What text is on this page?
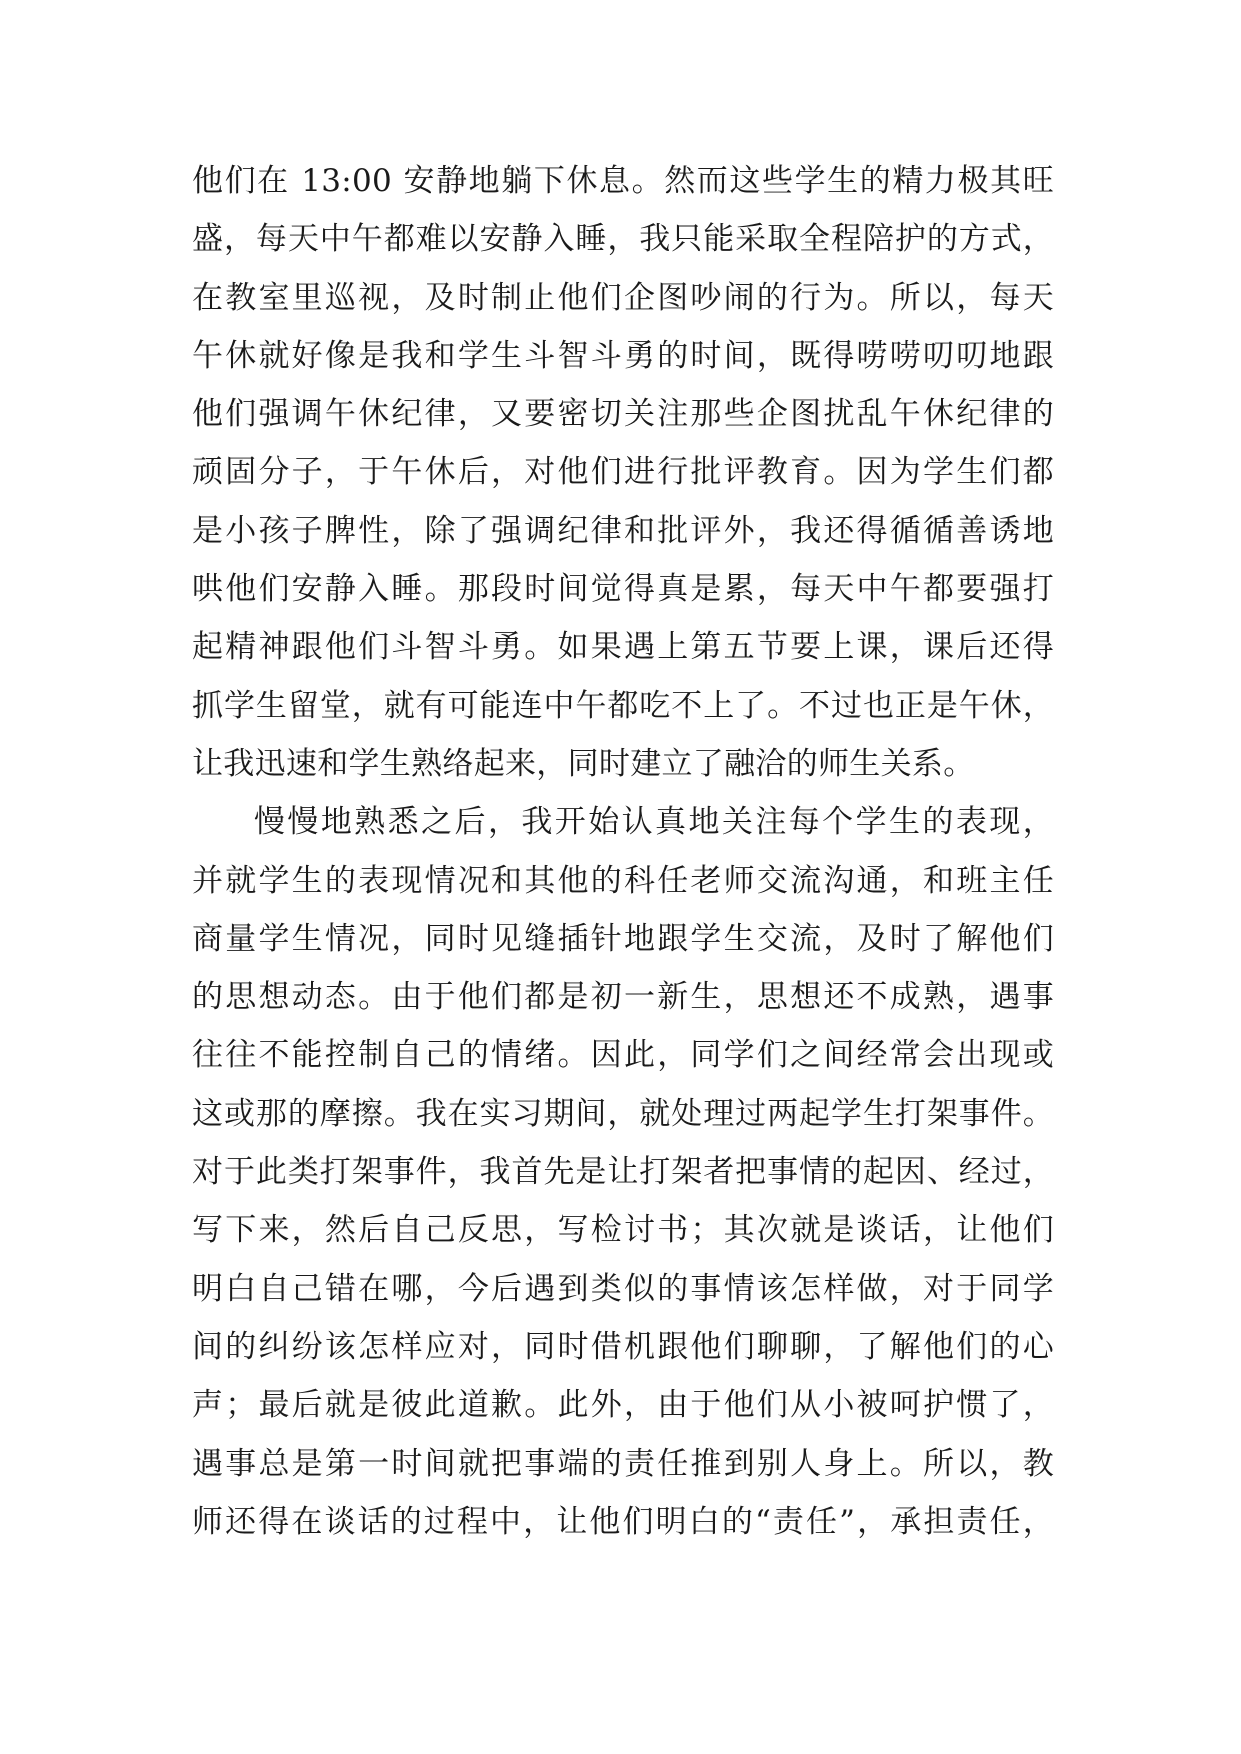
他们在 13:00 安静地躺下休息。然而这些学生的精力极其旺
盛，每天中午都难以安静入睡，我只能采取全程陪护的方式，
在教室里巡视，及时制止他们企图吵闹的行为。所以，每天
午休就好像是我和学生斗智斗勇的时间，既得唠唠叨叨地跟
他们强调午休纪律，又要密切关注那些企图扰乱午休纪律的
顽固分子，于午休后，对他们进行批评教育。因为学生们都
是小孩子脾性，除了强调纪律和批评外，我还得循循善诱地
哄他们安静入睡。那段时间觉得真是累，每天中午都要强打
起精神跟他们斗智斗勇。如果遇上第五节要上课，课后还得
抓学生留堂，就有可能连中午都吃不上了。不过也正是午休，
让我迅速和学生熟络起来，同时建立了融洽的师生关系。
慢慢地熟悉之后，我开始认真地关注每个学生的表现，
并就学生的表现情况和其他的科任老师交流沟通，和班主任
商量学生情况，同时见缝插针地跟学生交流，及时了解他们
的思想动态。由于他们都是初一新生，思想还不成熟，遇事
往往不能控制自己的情绪。因此，同学们之间经常会出现或
这或那的摩擦。我在实习期间，就处理过两起学生打架事件。
对于此类打架事件，我首先是让打架者把事情的起因、经过，
写下来，然后自己反思，写检讨书；其次就是谈话，让他们
明白自己错在哪，今后遇到类似的事情该怎样做，对于同学
间的纠纷该怎样应对，同时借机跟他们聊聊，了解他们的心
声；最后就是彼此道歉。此外，由于他们从小被呵护惯了，
遇事总是第一时间就把事端的责任推到别人身上。所以，教
师还得在谈话的过程中，让他们明白的“责任”，承担责任，
